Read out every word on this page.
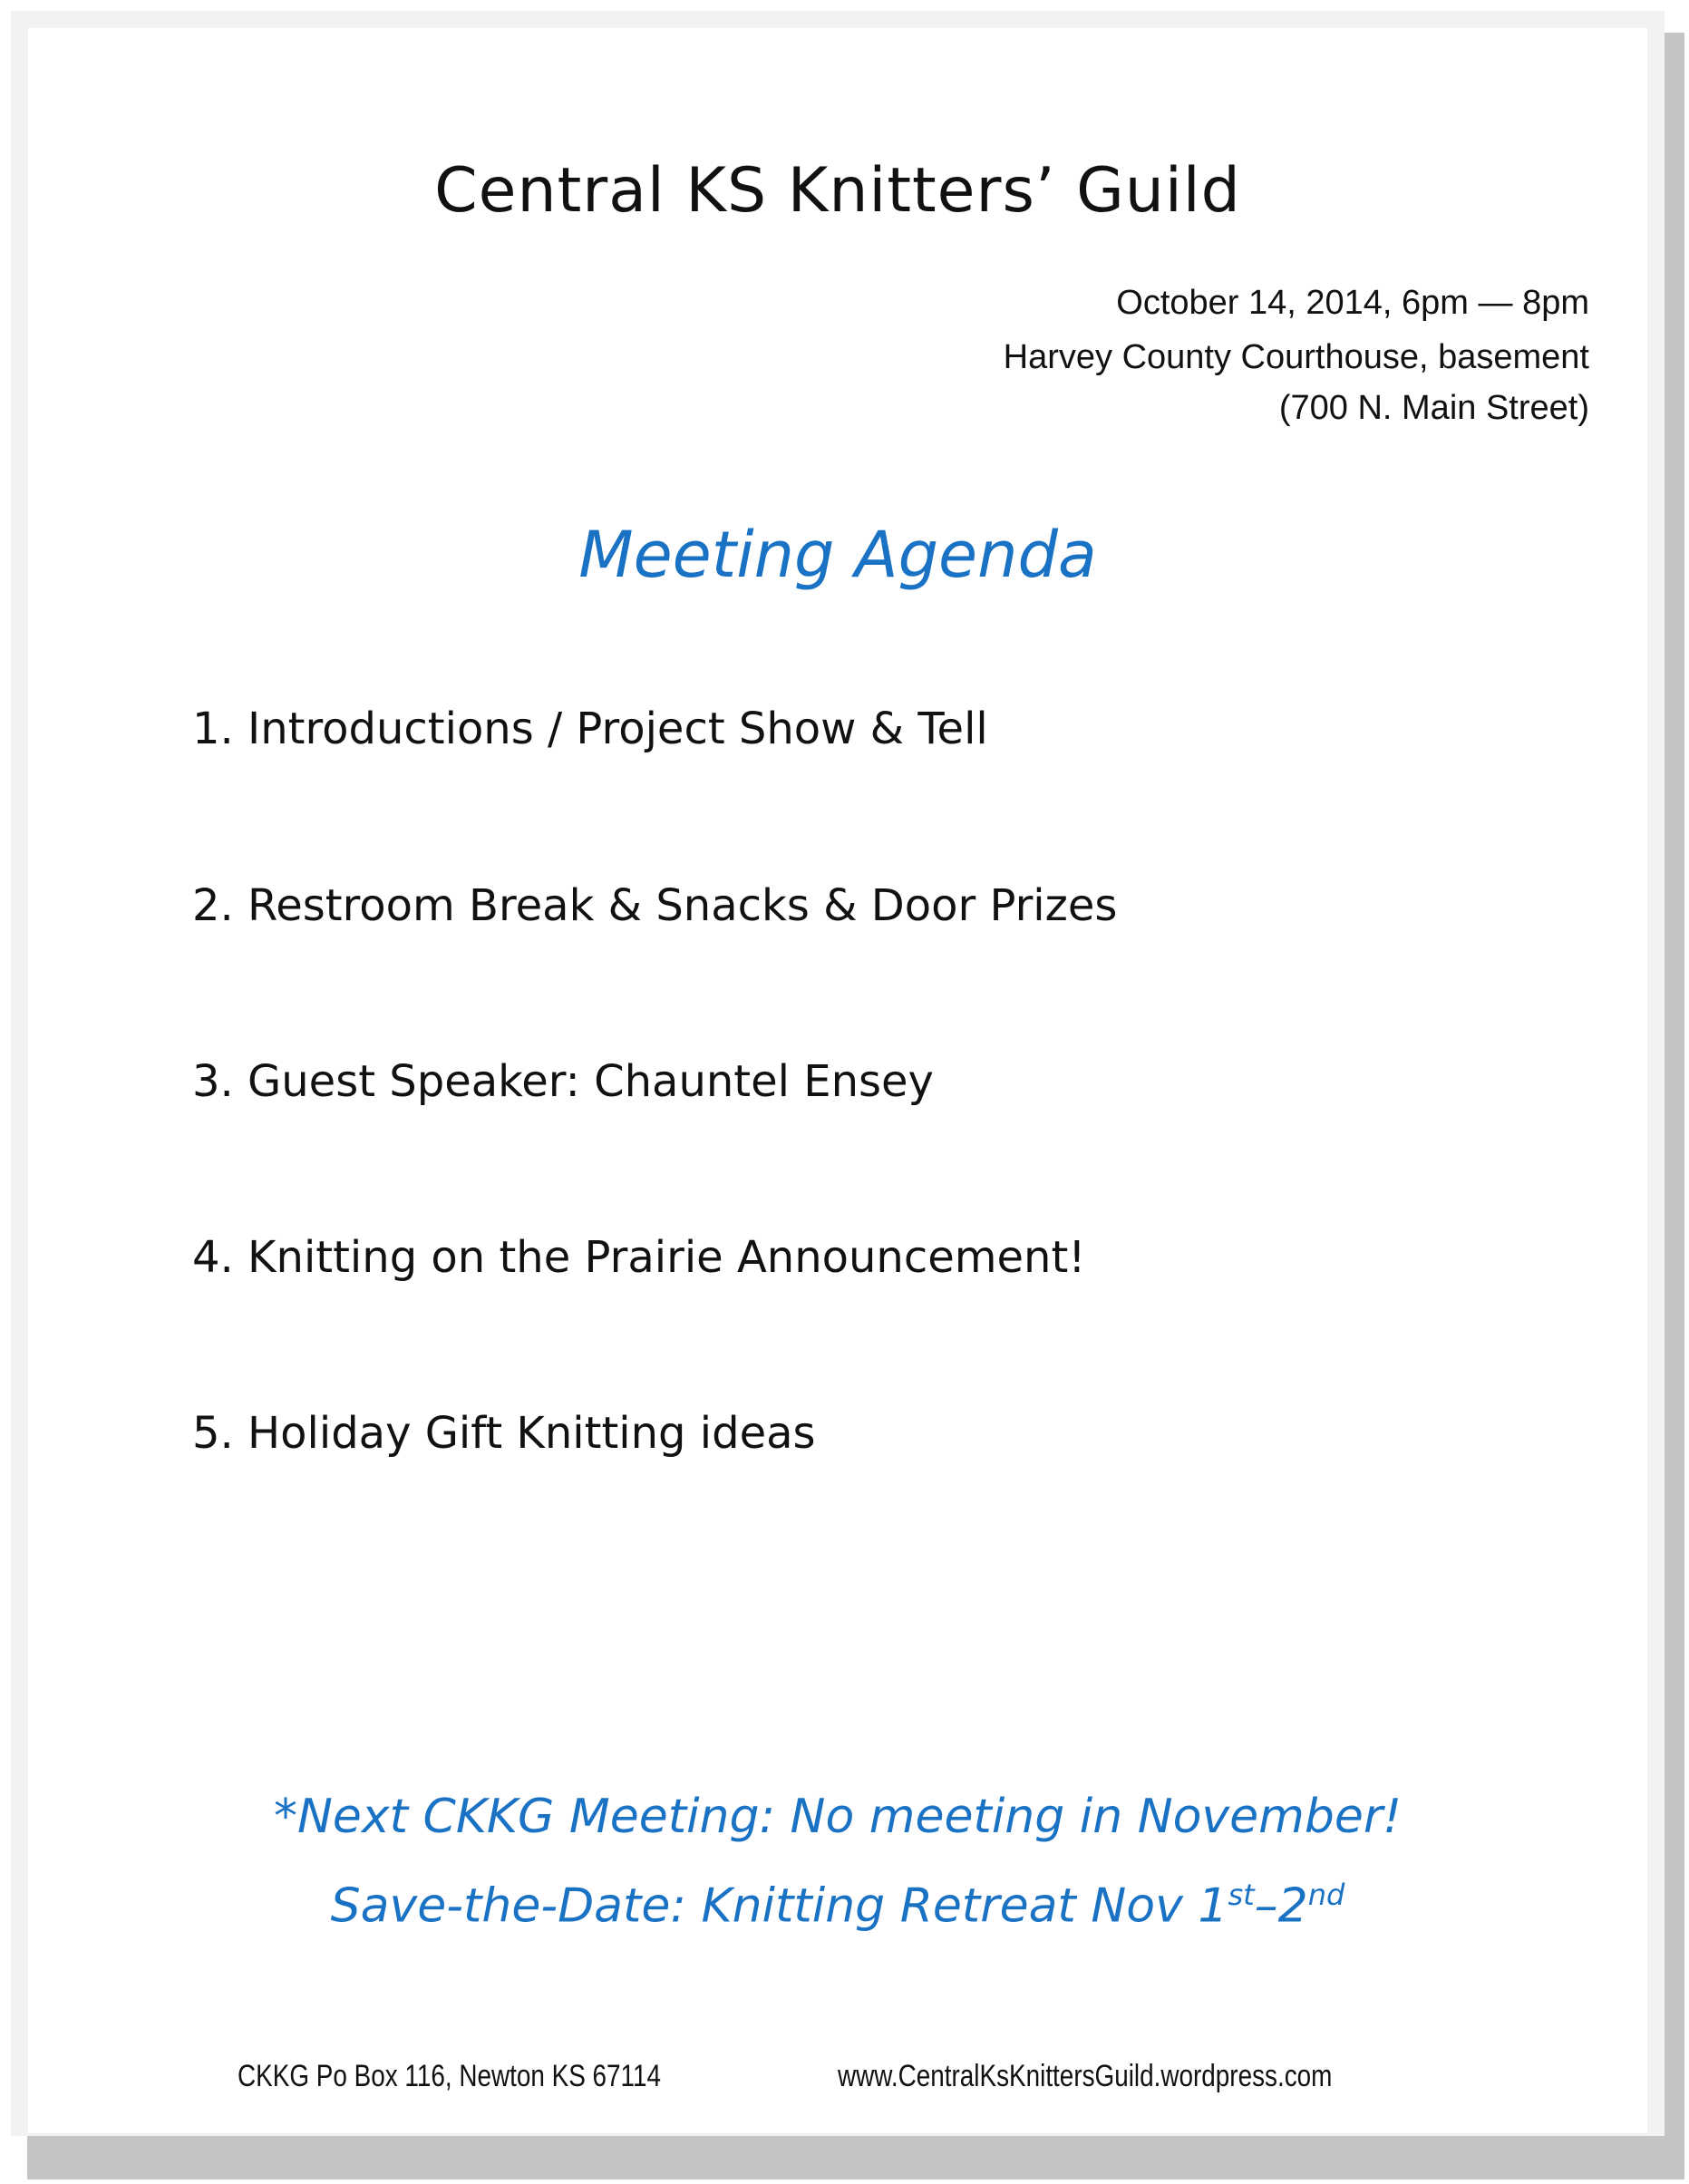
Central KS Knitters’ Guild
October 14, 2014, 6pm — 8pm
Harvey County Courthouse, basement
(700 N. Main Street)
Meeting Agenda
1. Introductions / Project Show & Tell
2. Restroom Break & Snacks & Door Prizes
3. Guest Speaker: Chauntel Ensey
4. Knitting on the Prairie Announcement!
5. Holiday Gift Knitting ideas
*Next CKKG Meeting: No meeting in November!
Save-the-Date: Knitting Retreat Nov 1st–2nd
CKKG Po Box 116, Newton KS 67114	www.CentralKsKnittersGuild.wordpress.com
